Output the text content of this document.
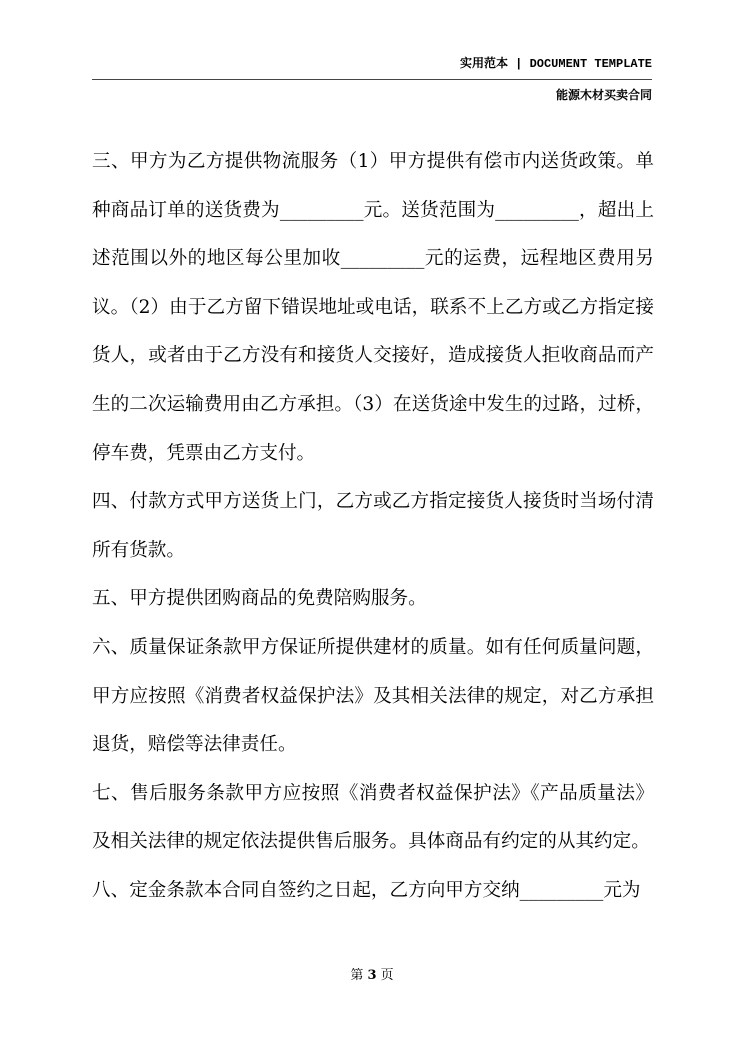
实用范本 | DOCUMENT TEMPLATE
能源木材买卖合同

三、甲方为乙方提供物流服务（1）甲方提供有偿市内送货政策。单种商品订单的送货费为_________元。送货范围为_________，超出上述范围以外的地区每公里加收_________元的运费，远程地区费用另议。（2）由于乙方留下错误地址或电话，联系不上乙方或乙方指定接货人，或者由于乙方没有和接货人交接好，造成接货人拒收商品而产生的二次运输费用由乙方承担。（3）在送货途中发生的过路，过桥，停车费，凭票由乙方支付。

四、付款方式甲方送货上门，乙方或乙方指定接货人接货时当场付清所有货款。

五、甲方提供团购商品的免费陪购服务。

六、质量保证条款甲方保证所提供建材的质量。如有任何质量问题，甲方应按照《消费者权益保护法》及其相关法律的规定，对乙方承担退货，赔偿等法律责任。

七、售后服务条款甲方应按照《消费者权益保护法》《产品质量法》及相关法律的规定依法提供售后服务。具体商品有约定的从其约定。

八、定金条款本合同自签约之日起，乙方向甲方交纳_________元为

第 3 页
